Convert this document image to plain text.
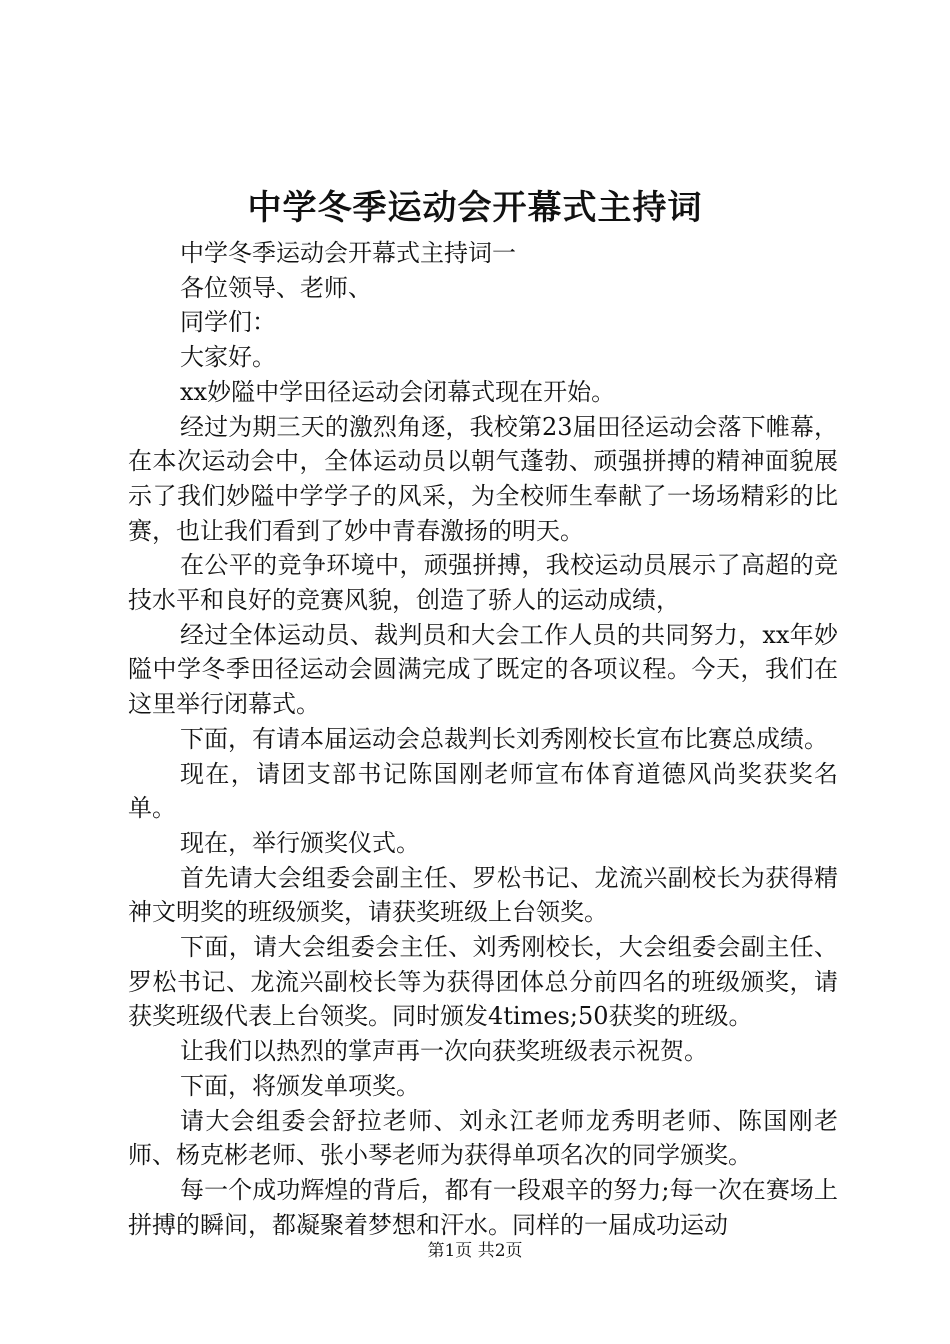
中学冬季运动会开幕式主持词

中学冬季运动会开幕式主持词一

各位领导、老师、

同学们：

大家好。

xx妙隘中学田径运动会闭幕式现在开始。

经过为期三天的激烈角逐，我校第23届田径运动会落下帷幕，在本次运动会中，全体运动员以朝气蓬勃、顽强拼搏的精神面貌展示了我们妙隘中学学子的风采，为全校师生奉献了一场场精彩的比赛，也让我们看到了妙中青春激扬的明天。

在公平的竞争环境中，顽强拼搏，我校运动员展示了高超的竞技水平和良好的竞赛风貌，创造了骄人的运动成绩，

经过全体运动员、裁判员和大会工作人员的共同努力，xx年妙隘中学冬季田径运动会圆满完成了既定的各项议程。今天，我们在这里举行闭幕式。

下面，有请本届运动会总裁判长刘秀刚校长宣布比赛总成绩。

现在，请团支部书记陈国刚老师宣布体育道德风尚奖获奖名单。

现在，举行颁奖仪式。

首先请大会组委会副主任、罗松书记、龙流兴副校长为获得精神文明奖的班级颁奖，请获奖班级上台领奖。

下面，请大会组委会主任、刘秀刚校长，大会组委会副主任、罗松书记、龙流兴副校长等为获得团体总分前四名的班级颁奖，请获奖班级代表上台领奖。同时颁发4times;50获奖的班级。

让我们以热烈的掌声再一次向获奖班级表示祝贺。

下面，将颁发单项奖。

请大会组委会舒拉老师、刘永江老师龙秀明老师、陈国刚老师、杨克彬老师、张小琴老师为获得单项名次的同学颁奖。

每一个成功辉煌的背后，都有一段艰辛的努力;每一次在赛场上拼搏的瞬间，都凝聚着梦想和汗水。同样的一届成功运动

第1页 共2页
